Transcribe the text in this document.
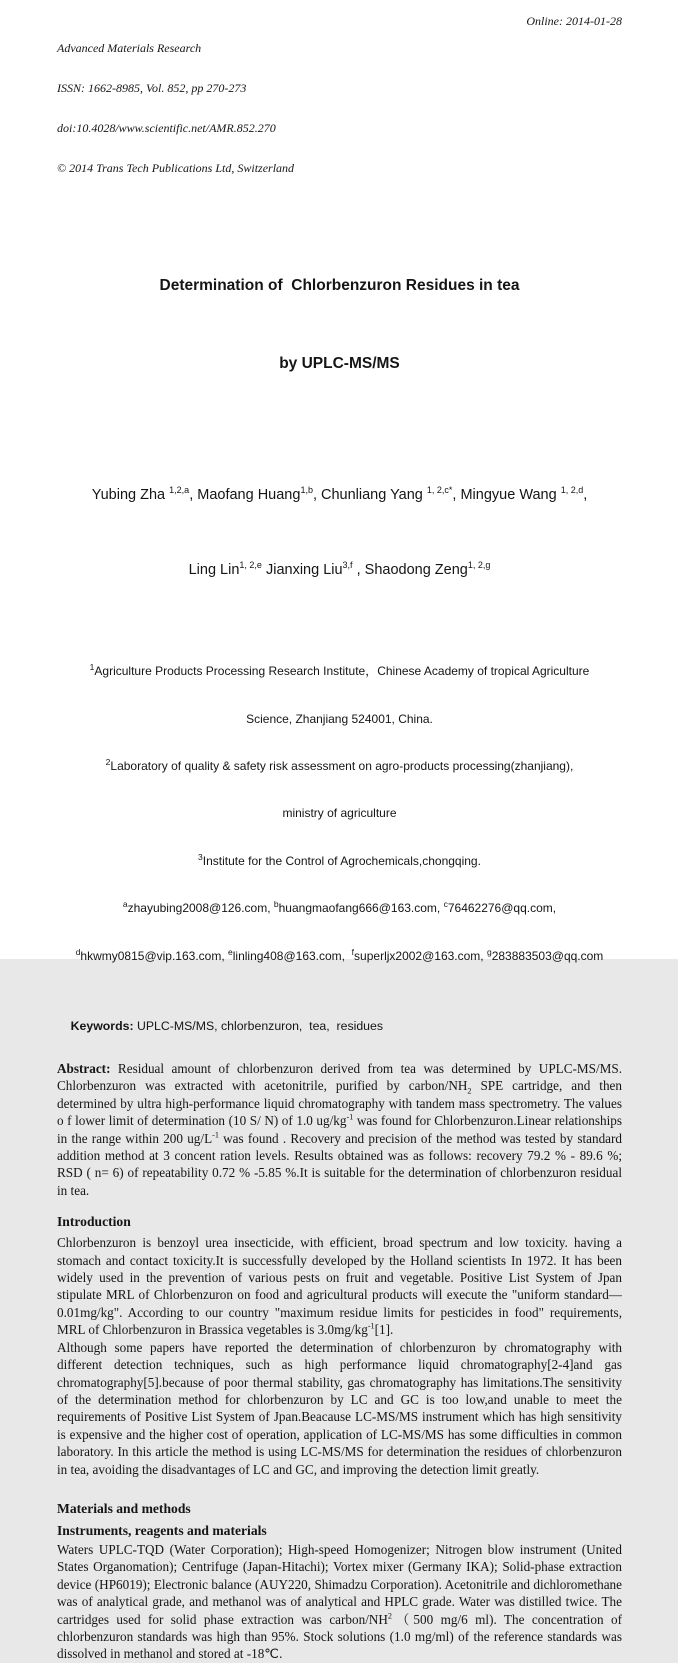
Advanced Materials Research

ISSN: 1662-8985, Vol. 852, pp 270-273

doi:10.4028/www.scientific.net/AMR.852.270

© 2014 Trans Tech Publications Ltd, Switzerland

Online: 2014-01-28

Determination of  Chlorbenzuron Residues in tea

by UPLC-MS/MS

Yubing Zha $^{1,2,a}$, Maofang Huang$^{1,b}$, Chunliang Yang $^{1, 2,c*}$, Mingyue Wang $^{1, 2,d}$,

Ling Lin$^{1, 2,e}$ Jianxing Liu$^{3,f}$ , Shaodong Zeng$^{1, 2,g}$

$^1$Agriculture Products Processing Research Institute，Chinese Academy of tropical Agriculture

Science, Zhanjiang 524001, China.

$^2$Laboratory of quality & safety risk assessment on agro-products processing(zhanjiang),

ministry of agriculture

$^3$Institute for the Control of Agrochemicals,chongqing.

$^a$zhayubing2008@126.com, $^b$huangmaofang666@163.com, $^c$76462276@qq.com,

$^d$hkwmy0815@vip.163.com, $^e$linling408@163.com,  $^f$superljx2002@163.com, $^g$283883503@qq.com

Keywords: UPLC-MS/MS, chlorbenzuron,  tea,  residues

Abstract: Residual amount of chlorbenzuron derived from tea was determined by UPLC-MS/MS. Chlorbenzuron was extracted with acetonitrile, purified by carbon/$NH_2$ SPE cartridge, and then determined by ultra high-performance liquid chromatography with tandem mass spectrometry. The values o f lower limit of determination (10 S/ N) of 1.0 $ug/kg^{-1}$ was found for Chlorbenzuron.Linear relationships in the range within 200 $ug/L^{-1}$ was found . Recovery and precision of the method was tested by standard addition method at 3 concent ration levels. Results obtained was as follows: recovery 79.2 % - 89.6 %; RSD ( n= 6) of repeatability 0.72 % -5.85 %.It is suitable for the determination of chlorbenzuron residual in tea.
Introduction
Chlorbenzuron is benzoyl urea insecticide, with efficient, broad spectrum and low toxicity. having a stomach and contact toxicity.It is successfully developed by the Holland scientists In 1972. It has been widely used in the prevention of various pests on fruit and vegetable. Positive List System of Jpan stipulate MRL of Chlorbenzuron on food and agricultural products will execute the "uniform standard—0.01mg/kg". According to our country "maximum residue limits for pesticides in food" requirements, MRL of Chlorbenzuron in Brassica vegetables is $3.0mg/kg^{-1}[1]$.
Although some papers have reported the determination of chlorbenzuron by chromatography with different detection techniques, such as high performance liquid chromatography[2-4]and gas chromatography[5].because of poor thermal stability, gas chromatography has limitations.The sensitivity of the determination method for chlorbenzuron by LC and GC is too low,and unable to meet the requirements of Positive List System of Jpan.Beacause LC-MS/MS instrument which has high sensitivity is expensive and the higher cost of operation, application of LC-MS/MS has some difficulties in common laboratory. In this article the method is using LC-MS/MS for determination the residues of chlorbenzuron in tea, avoiding the disadvantages of LC and GC, and improving the detection limit greatly.
Materials and methods
Instruments, reagents and materials
Waters UPLC-TQD (Water Corporation); High-speed Homogenizer; Nitrogen blow instrument (United States Organomation); Centrifuge (Japan-Hitachi); Vortex mixer (Germany IKA); Solid-phase extraction device (HP6019); Electronic balance (AUY220, Shimadzu Corporation). Acetonitrile and dichloromethane was of analytical grade, and methanol was of analytical and HPLC grade. Water was distilled twice. The cartridges used for solid phase extraction was carbon/$NH^2(500$ mg/6 ml). The concentration of chlorbenzuron standards was high than 95%. Stock solutions (1.0 mg/ml) of the reference standards was dissolved in methanol and stored at -18℃.
